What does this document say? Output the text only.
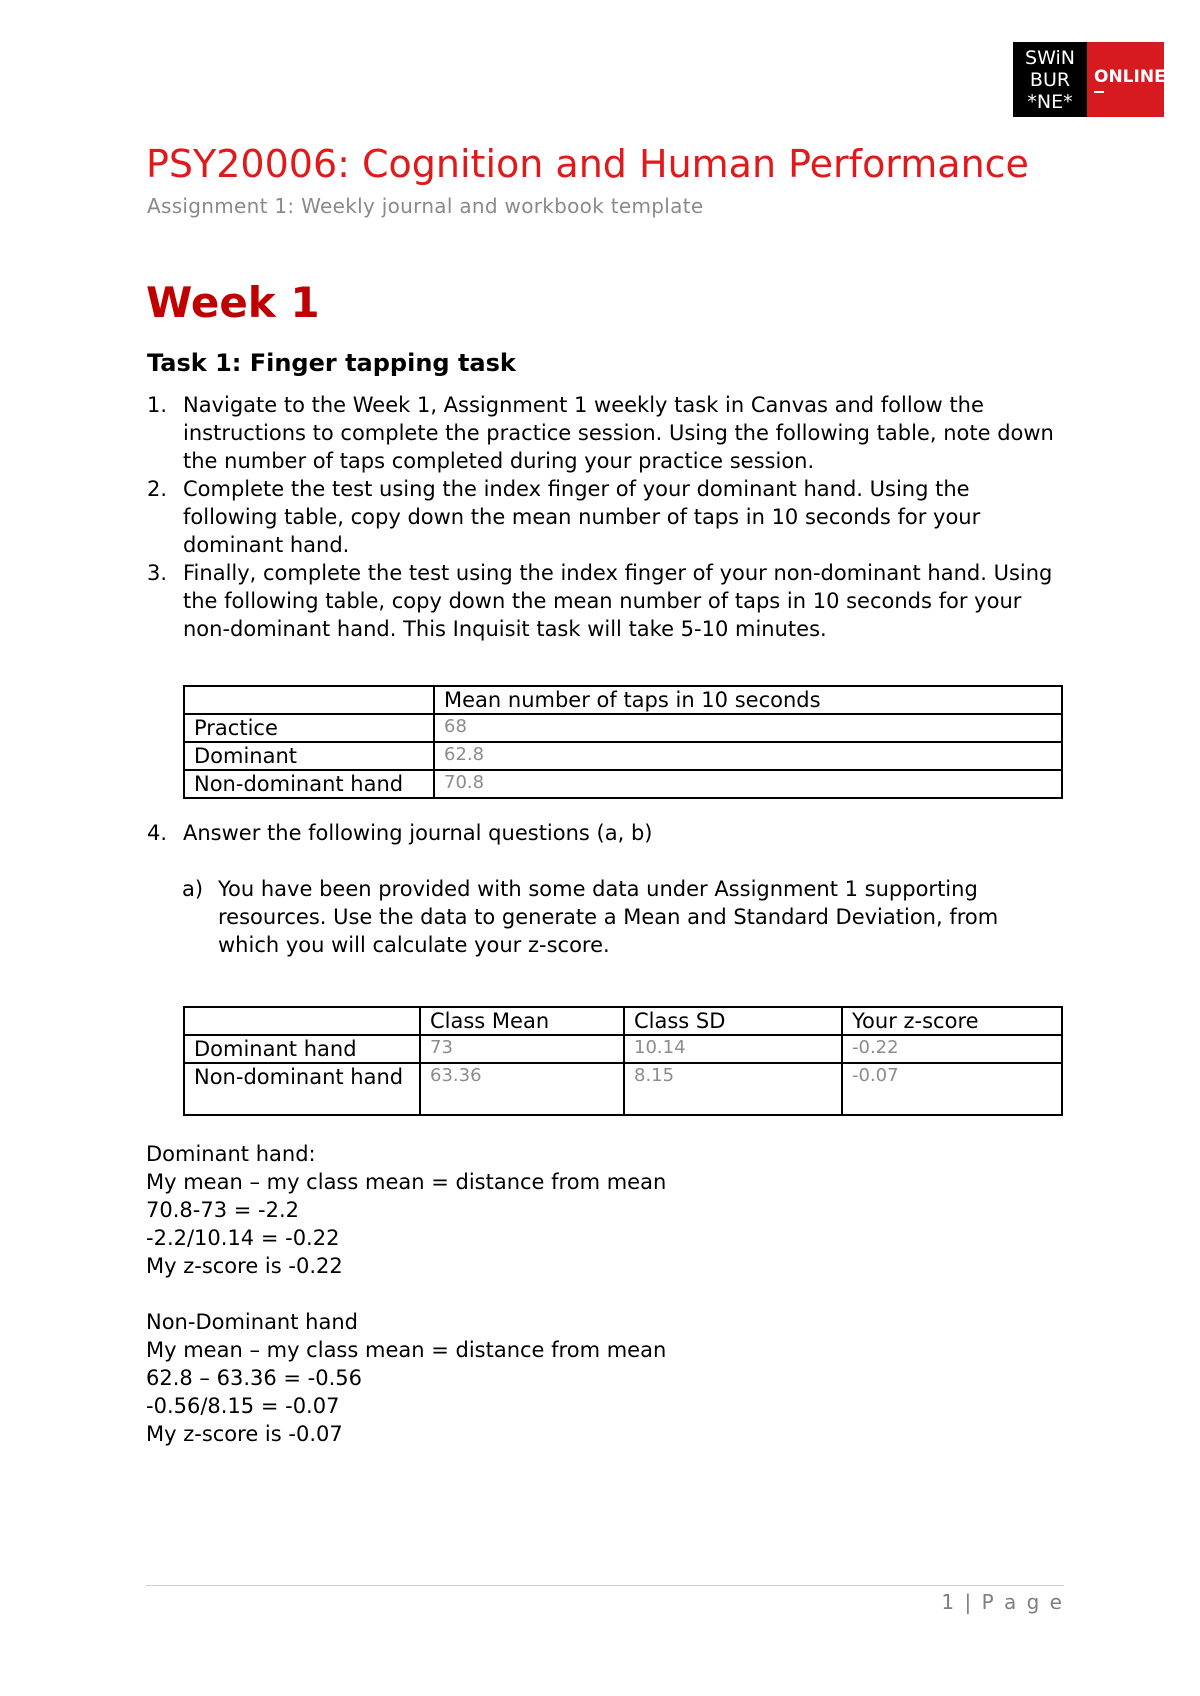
SWiN
BUR
*NE*
ONLINE
PSY20006: Cognition and Human Performance
Assignment 1: Weekly journal and workbook template
Week 1
Task 1: Finger tapping task
1. Navigate to the Week 1, Assignment 1 weekly task in Canvas and follow the instructions to complete the practice session. Using the following table, note down the number of taps completed during your practice session.
2. Complete the test using the index finger of your dominant hand. Using the following table, copy down the mean number of taps in 10 seconds for your dominant hand.
3. Finally, complete the test using the index finger of your non-dominant hand. Using the following table, copy down the mean number of taps in 10 seconds for your non-dominant hand. This Inquisit task will take 5-10 minutes.
	Mean number of taps in 10 seconds
Practice	68
Dominant	62.8
Non-dominant hand	70.8
4. Answer the following journal questions (a, b)
a) You have been provided with some data under Assignment 1 supporting resources. Use the data to generate a Mean and Standard Deviation, from which you will calculate your z-score.
	Class Mean	Class SD	Your z-score
Dominant hand	73	10.14	-0.22
Non-dominant hand	63.36	8.15	-0.07
Dominant hand:
My mean – my class mean = distance from mean
70.8-73 = -2.2
-2.2/10.14 = -0.22
My z-score is -0.22
Non-Dominant hand
My mean – my class mean = distance from mean
62.8 – 63.36 = -0.56
-0.56/8.15 = -0.07
My z-score is -0.07
1 | P a g e
